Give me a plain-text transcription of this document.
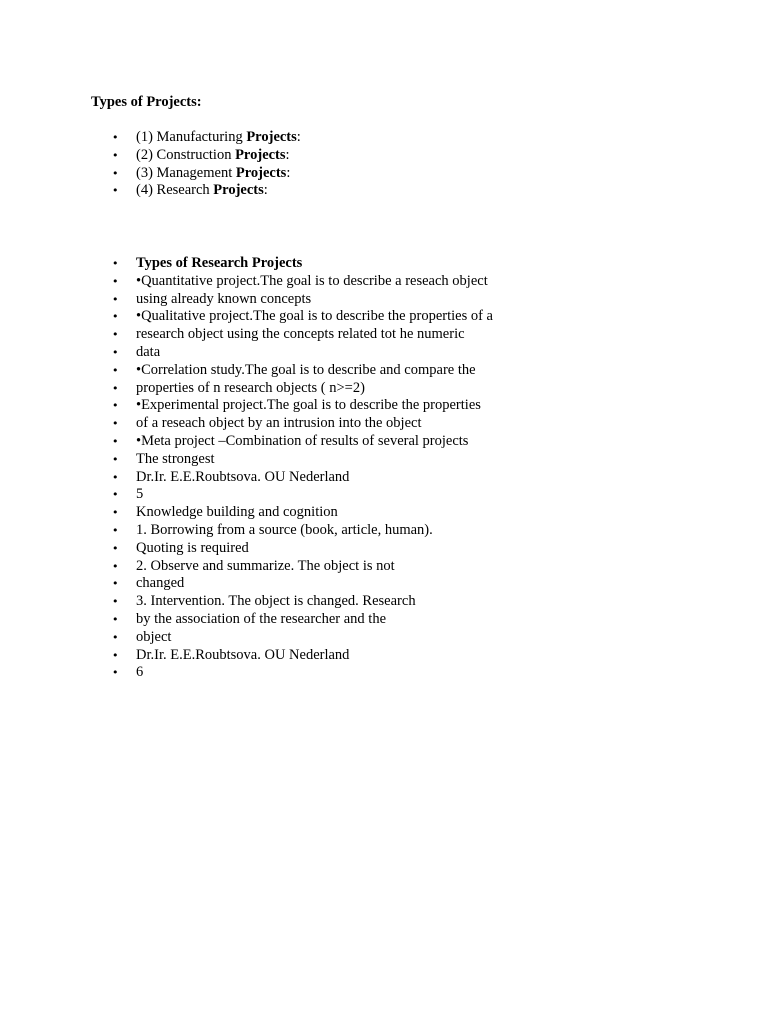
Types of Projects:

• (1) Manufacturing Projects:
• (2) Construction Projects:
• (3) Management Projects:
• (4) Research Projects:
• Types of Research Projects
• •Quantitative project.The goal is to describe a reseach object
• using already known concepts
• •Qualitative project.The goal is to describe the properties of a
• research object using the concepts related tot he numeric
• data
• •Correlation study.The goal is to describe and compare the
• properties of n research objects ( n>=2)
• •Experimental project.The goal is to describe the properties
• of a reseach object by an intrusion into the object
• •Meta project –Combination of results of several projects
• The strongest
• Dr.Ir. E.E.Roubtsova. OU Nederland
• 5
• Knowledge building and cognition
• 1. Borrowing from a source (book, article, human).
• Quoting is required
• 2. Observe and summarize. The object is not
• changed
• 3. Intervention. The object is changed. Research
• by the association of the researcher and the
• object
• Dr.Ir. E.E.Roubtsova. OU Nederland
• 6
